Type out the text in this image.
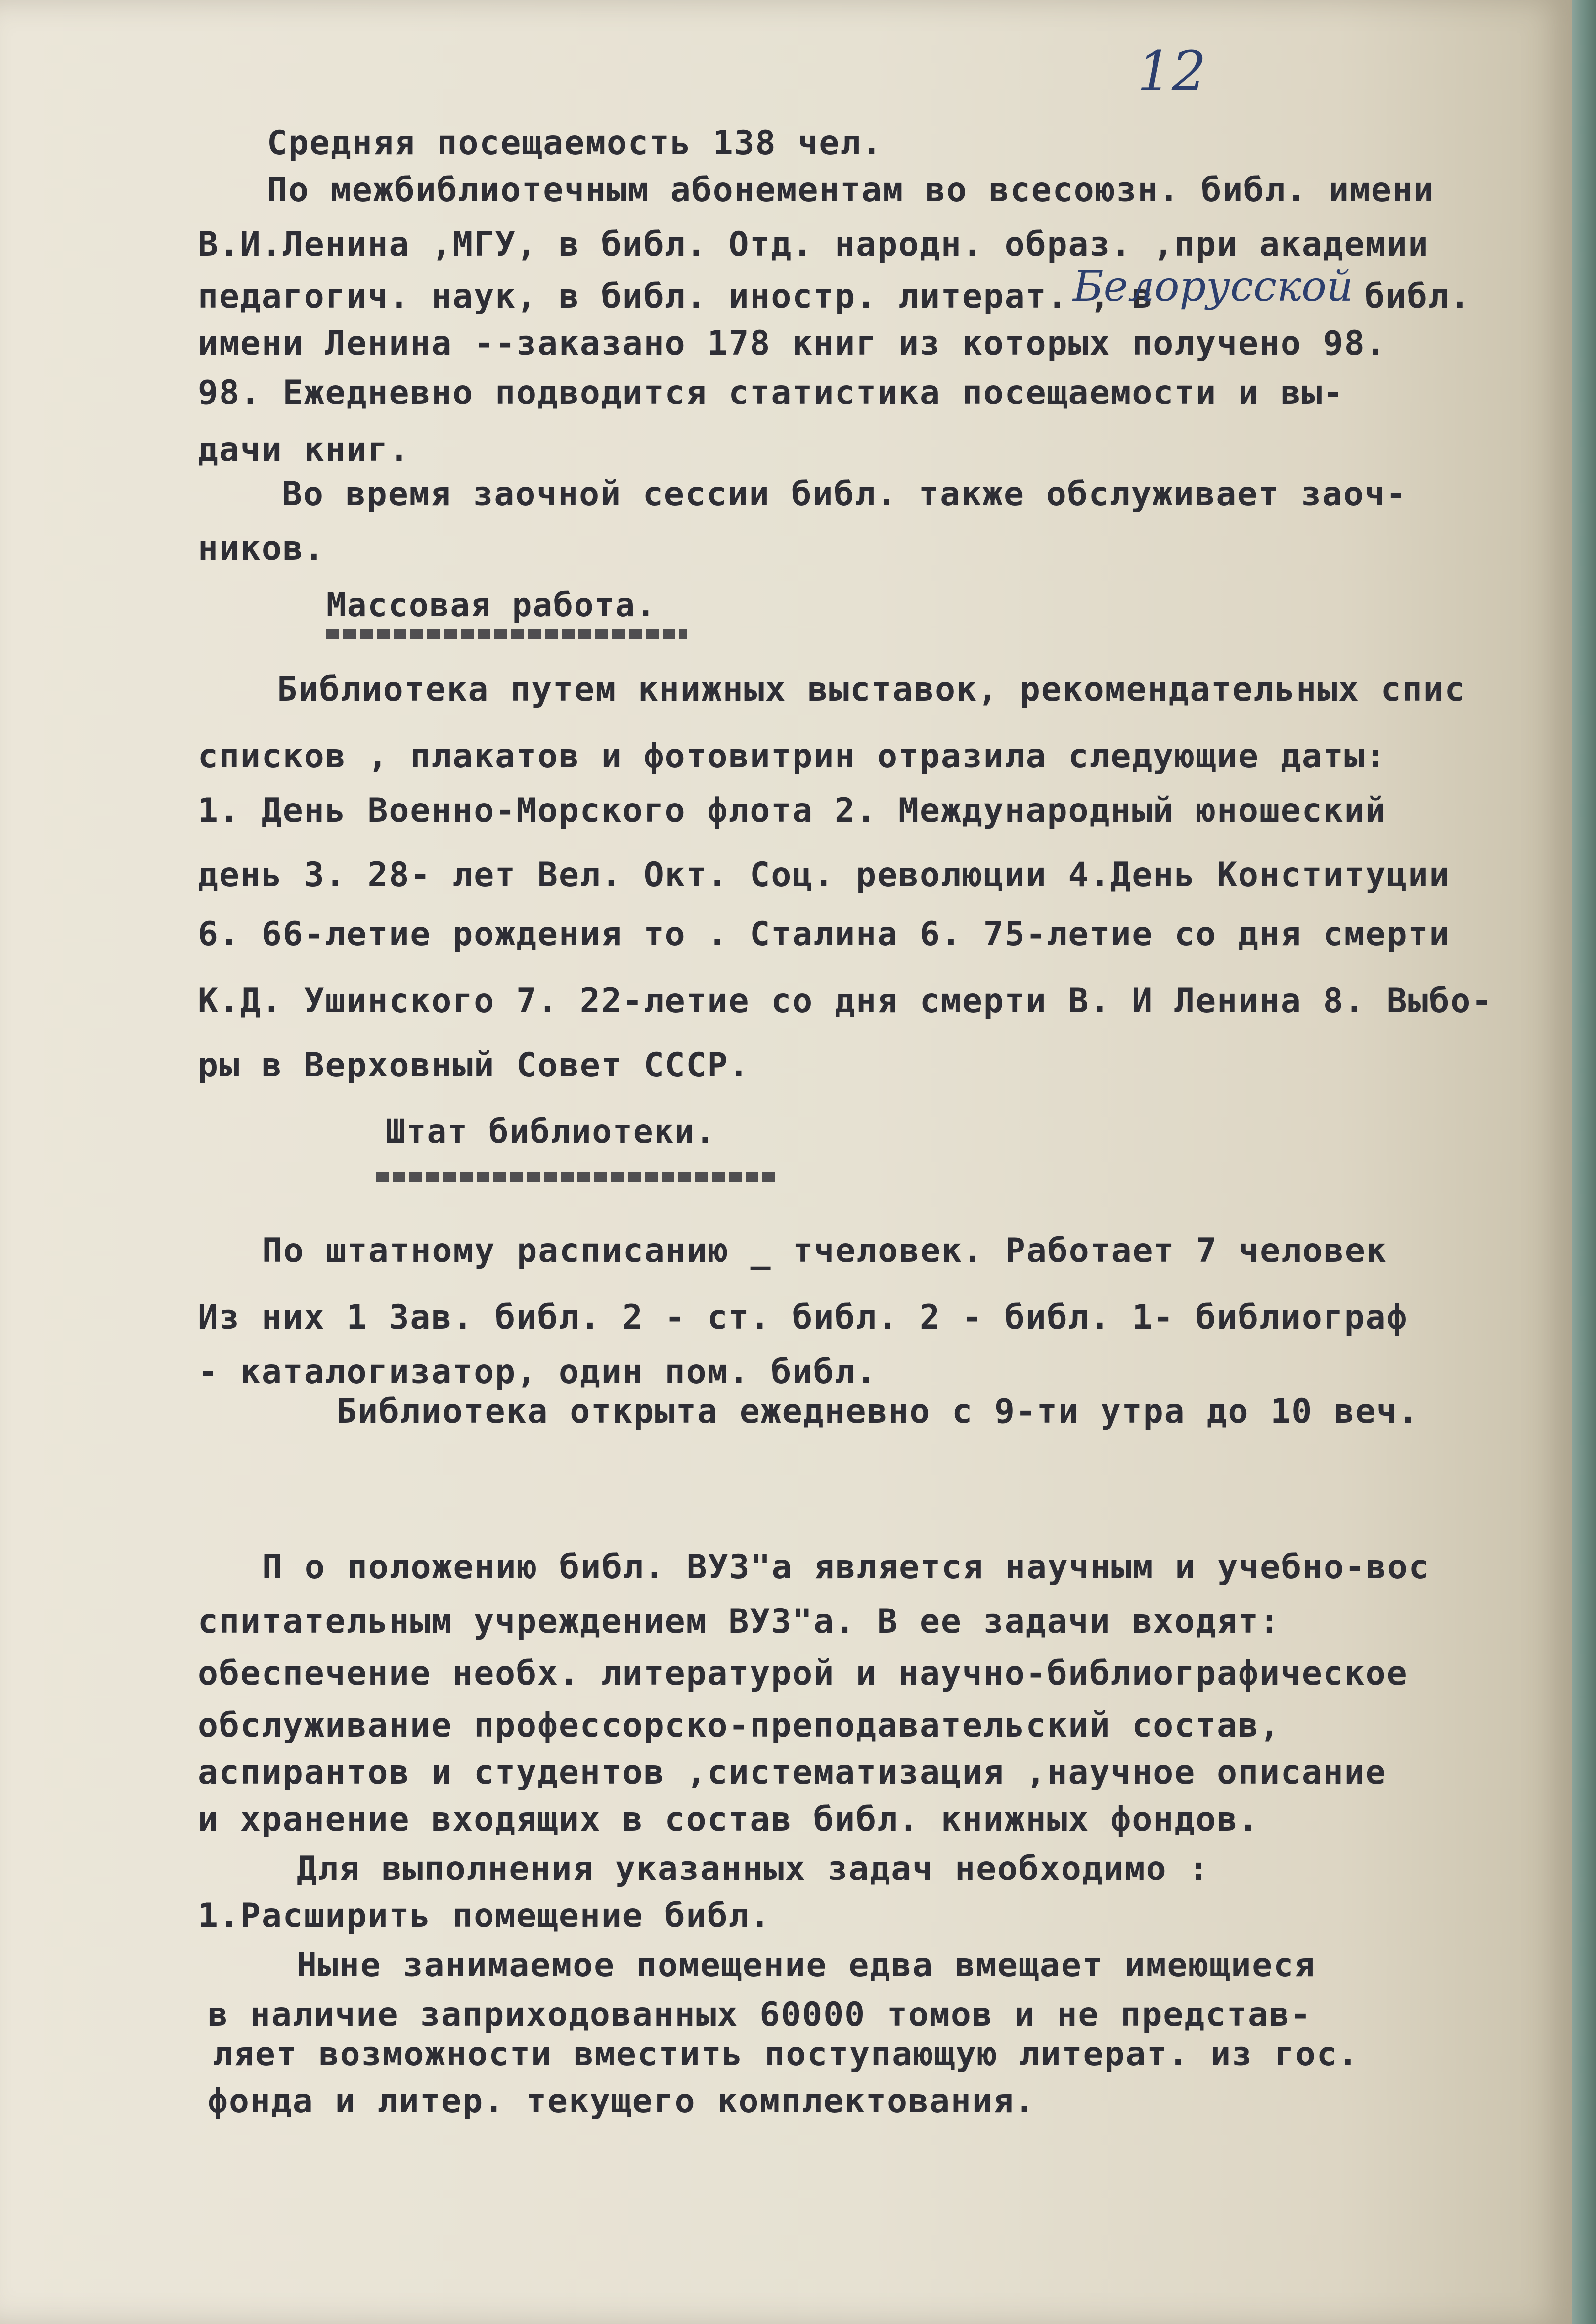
12
Средняя посещаемость 138 чел.
По межбиблиотечным абонементам во всесоюзн. библ. имени
В.И.Ленина ,МГУ, в библ. Отд. народн. образ. ,при академии
педагогич. наук, в библ. иностр. литерат. , в
Белорусской библ.
имени Ленина --заказано 178 книг из которых получено 98.
98. Ежедневно подводится статистика посещаемости и вы-
дачи книг.
Во время заочной сессии библ. также обслуживает заоч-
ников.
Массовая работа.
Библиотека путем книжных выставок, рекомендательных спис
списков , плакатов и фотовитрин отразила следующие даты:
1. День Военно-Морского флота 2. Международный юношеский
день 3. 28- лет Вел. Окт. Соц. революции 4.День Конституции
6. 66-летие рождения то . Сталина 6. 75-летие со дня смерти
К.Д. Ушинского 7. 22-летие со дня смерти В. И Ленина 8. Выбо-
ры в Верховный Совет СССР.
Штат библиотеки.
По штатному расписанию _ тчеловек. Работает 7 человек
Из них 1 Зав. библ. 2 - ст. библ. 2 - библ. 1- библиограф
- каталогизатор, один пом. библ.
Библиотека открыта ежедневно с 9-ти утра до 10 веч.
П о положению библ. ВУЗ"а является научным и учебно-вос
спитательным учреждением ВУЗ"а. В ее задачи входят:
обеспечение необх. литературой и научно-библиографическое
обслуживание профессорско-преподавательский состав,
аспирантов и студентов ,систематизация ,научное описание
и хранение входящих в состав библ. книжных фондов.
Для выполнения указанных задач необходимо :
1.Расширить помещение библ.
Ныне занимаемое помещение едва вмещает имеющиеся
в наличие заприходованных 60000 томов и не представ-
ляет возможности вместить поступающую литерат. из гос.
фонда и литер. текущего комплектования.
